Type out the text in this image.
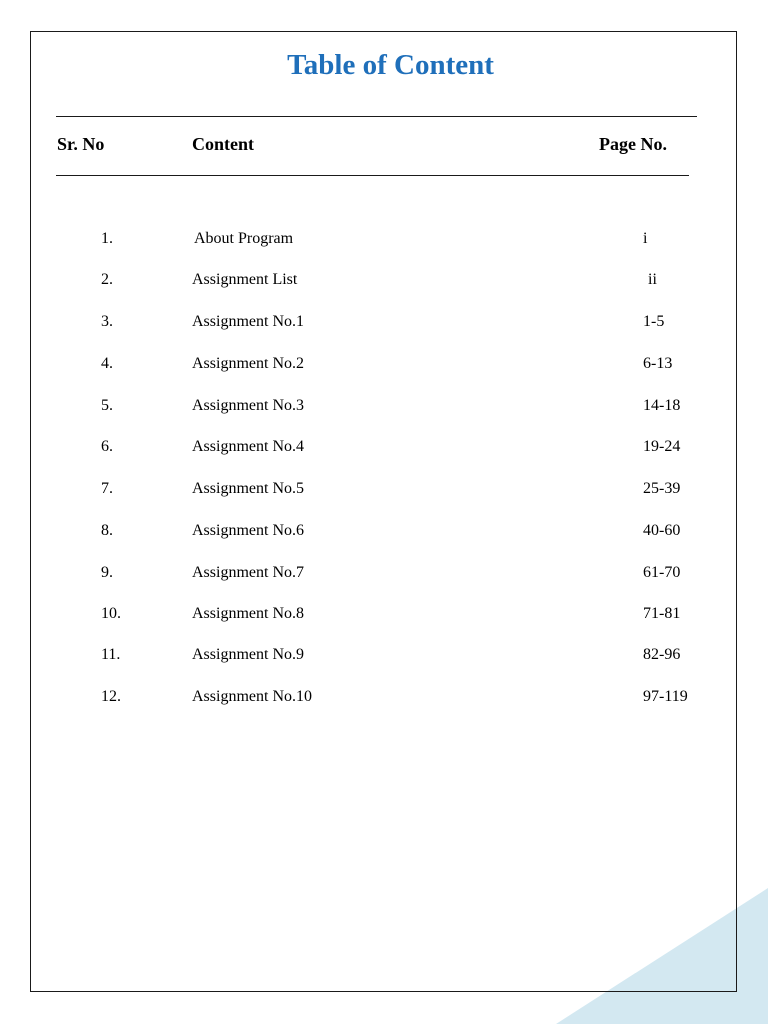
Table of Content
Sr. No	Content	Page No.
1.	About Program	i
2.	Assignment List	ii
3.	Assignment No.1	1-5
4.	Assignment No.2	6-13
5.	Assignment No.3	14-18
6.	Assignment No.4	19-24
7.	Assignment No.5	25-39
8.	Assignment No.6	40-60
9.	Assignment No.7	61-70
10.	Assignment No.8	71-81
11.	Assignment No.9	82-96
12.	Assignment No.10	97-119
